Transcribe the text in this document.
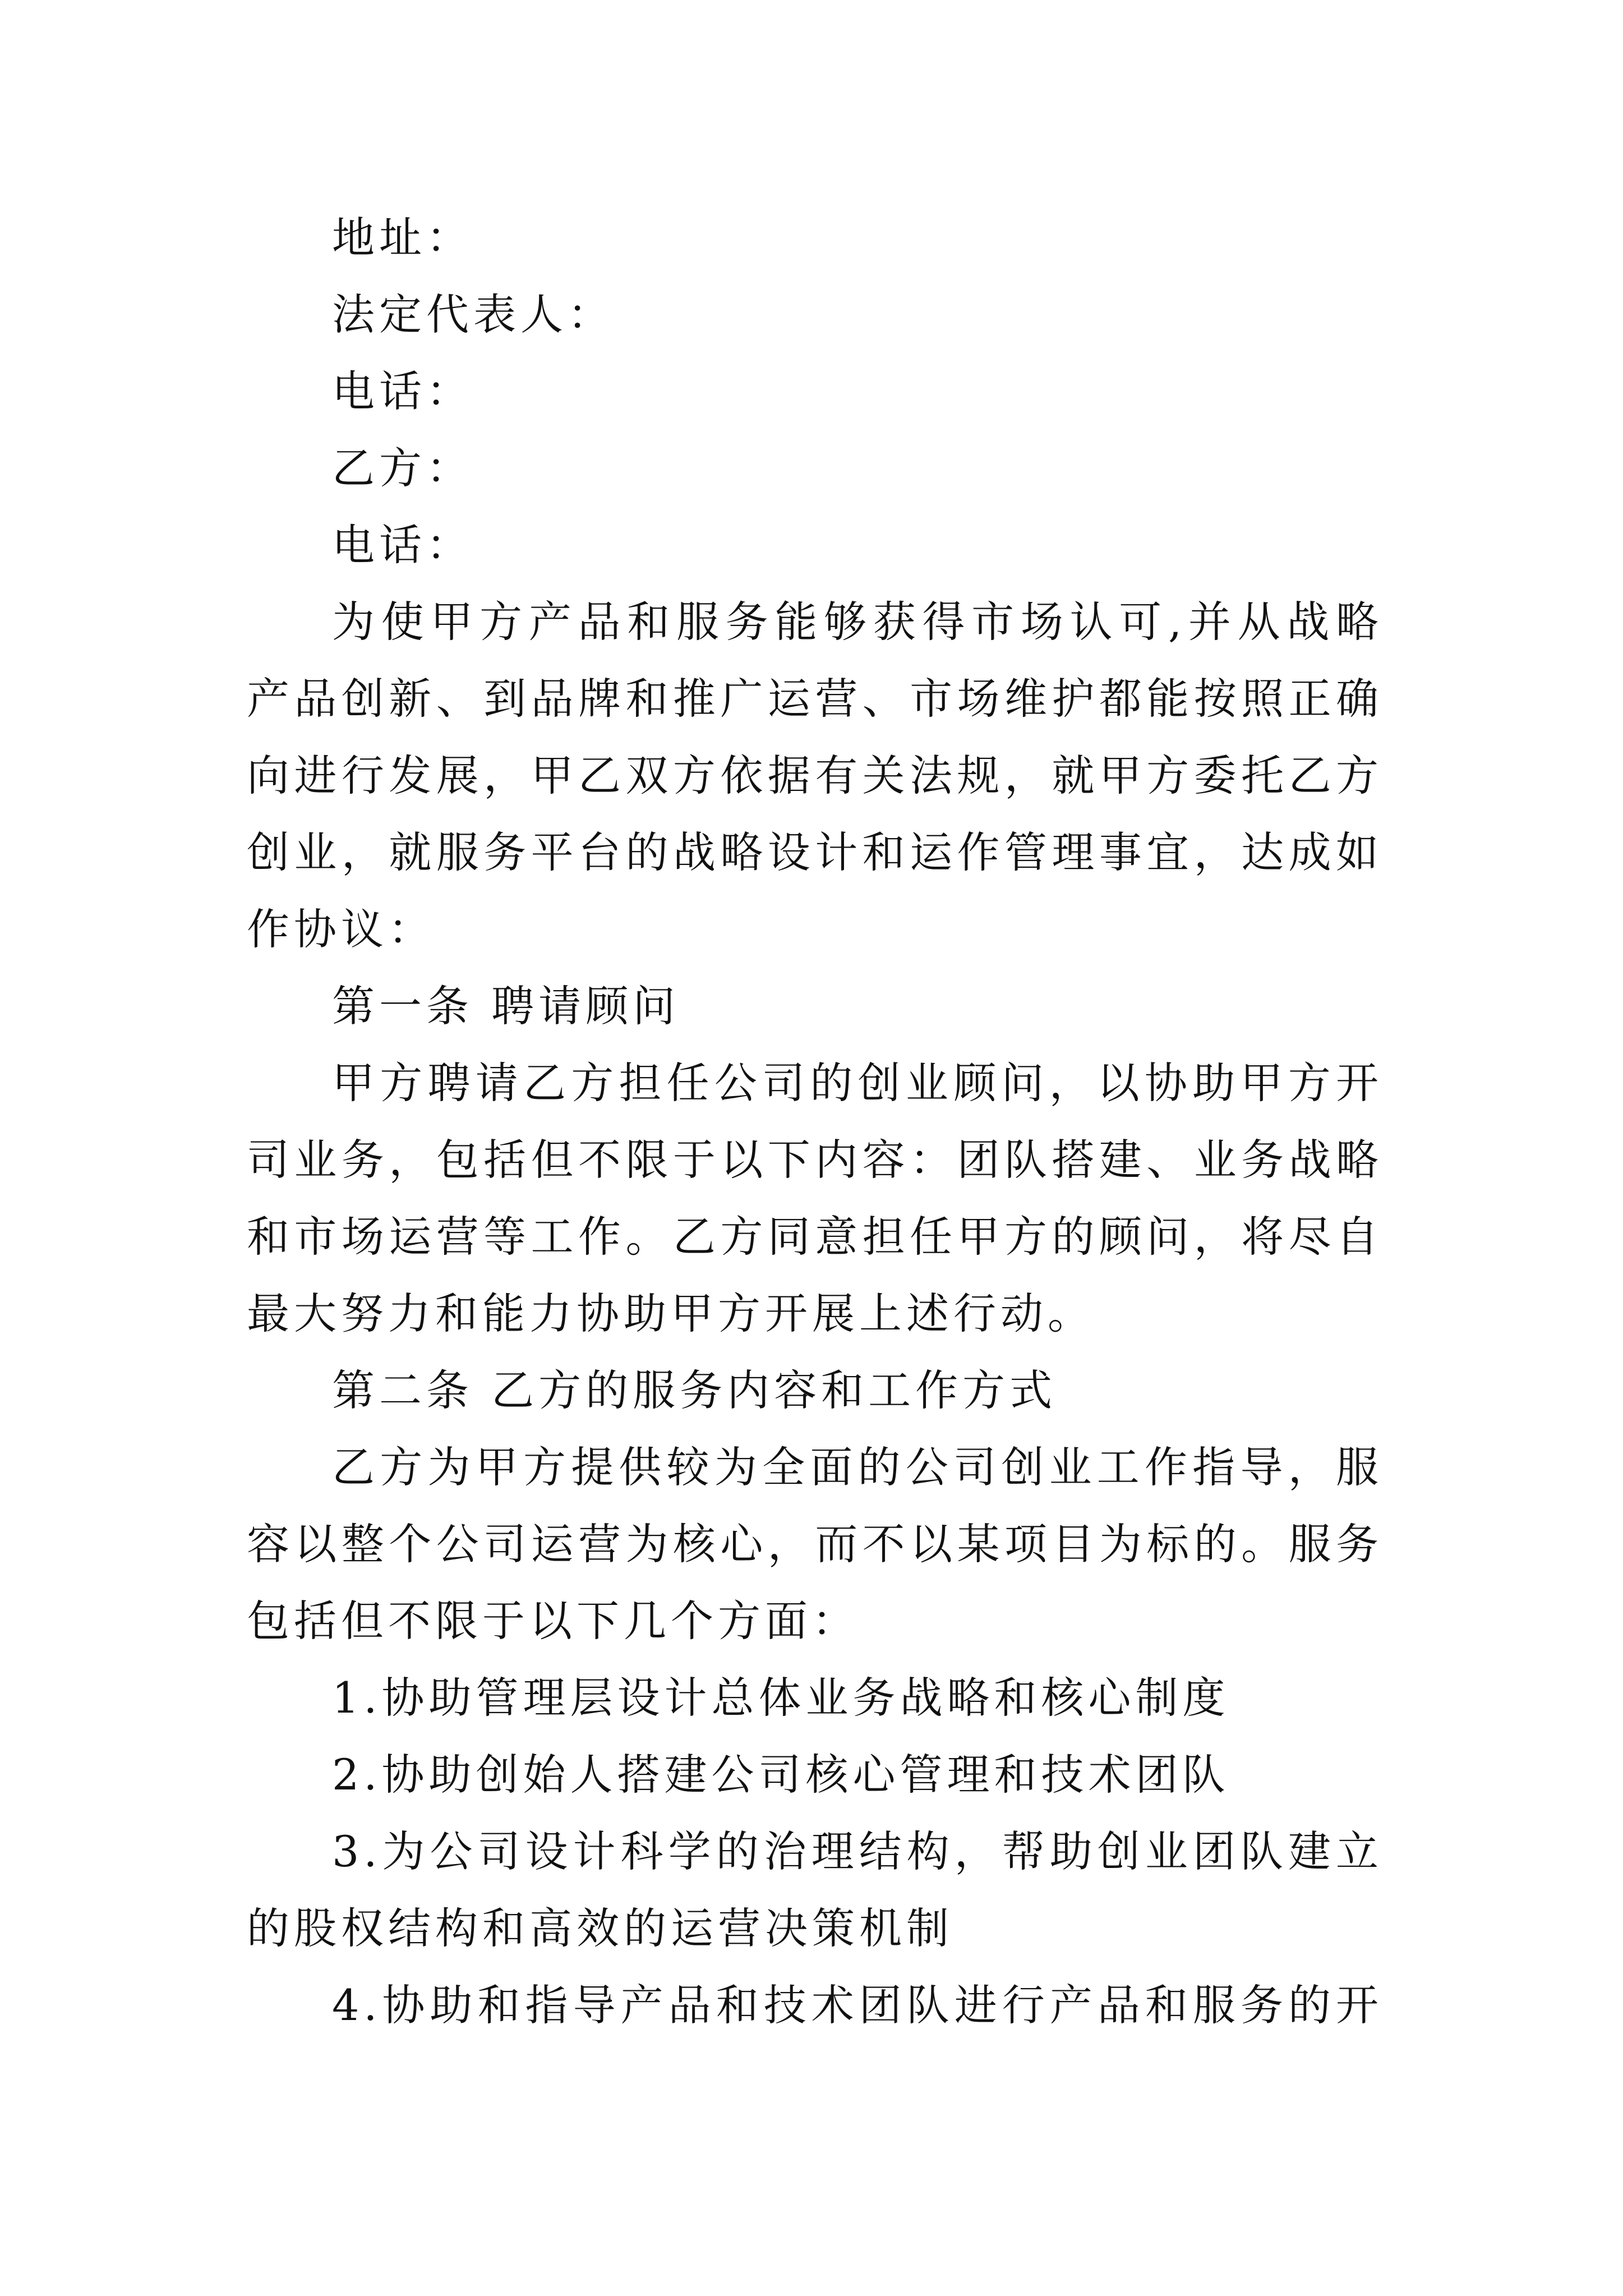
地址：
法定代表人：
电话：
乙方：
电话：
为使甲方产品和服务能够获得市场认可,并从战略
产品创新、到品牌和推广运营、市场维护都能按照正确
向进行发展，甲乙双方依据有关法规，就甲方委托乙方
创业，就服务平台的战略设计和运作管理事宜，达成如
作协议：
第一条 聘请顾问
甲方聘请乙方担任公司的创业顾问，以协助甲方开
司业务，包括但不限于以下内容：团队搭建、业务战略
和市场运营等工作。乙方同意担任甲方的顾问，将尽自
最大努力和能力协助甲方开展上述行动。
第二条 乙方的服务内容和工作方式
乙方为甲方提供较为全面的公司创业工作指导，服
容以整个公司运营为核心，而不以某项目为标的。服务
包括但不限于以下几个方面：
1.协助管理层设计总体业务战略和核心制度
2.协助创始人搭建公司核心管理和技术团队
3.为公司设计科学的治理结构，帮助创业团队建立
的股权结构和高效的运营决策机制
4.协助和指导产品和技术团队进行产品和服务的开
